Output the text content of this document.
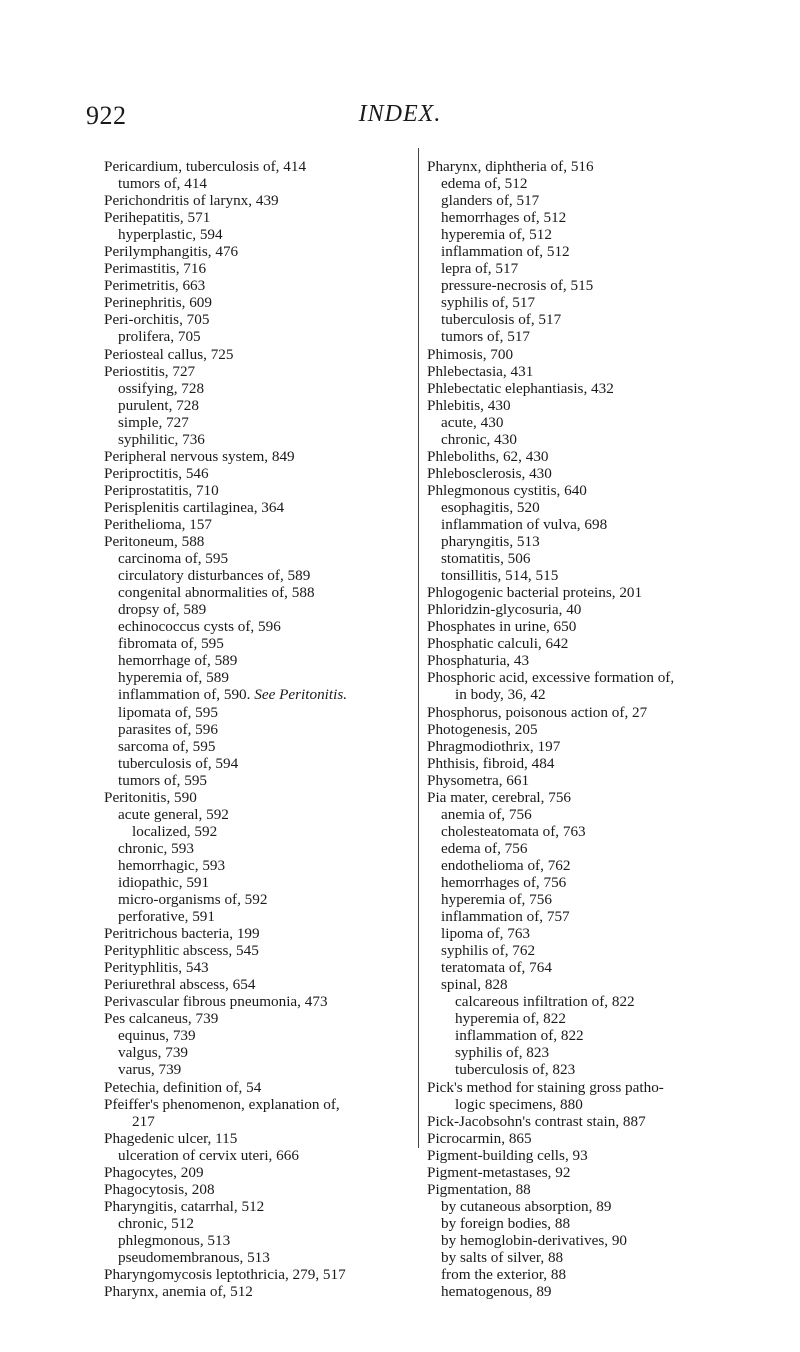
922	INDEX.
Pericardium, tuberculosis of, 414
tumors of, 414
Perichondritis of larynx, 439
Perihepatitis, 571
hyperplastic, 594
Perilymphangitis, 476
Perimastitis, 716
Perimetritis, 663
Perinephritis, 609
Peri-orchitis, 705
prolifera, 705
Periosteal callus, 725
Periostitis, 727
ossifying, 728
purulent, 728
simple, 727
syphilitic, 736
Peripheral nervous system, 849
Periproctitis, 546
Periprostatitis, 710
Perisplenitis cartilaginea, 364
Perithelioma, 157
Peritoneum, 588
carcinoma of, 595
circulatory disturbances of, 589
congenital abnormalities of, 588
dropsy of, 589
echinococcus cysts of, 596
fibromata of, 595
hemorrhage of, 589
hyperemia of, 589
inflammation of, 590. See Peritonitis.
lipomata of, 595
parasites of, 596
sarcoma of, 595
tuberculosis of, 594
tumors of, 595
Peritonitis, 590
acute general, 592
localized, 592
chronic, 593
hemorrhagic, 593
idiopathic, 591
micro-organisms of, 592
perforative, 591
Peritrichous bacteria, 199
Perityphlitic abscess, 545
Perityphlitis, 543
Periurethral abscess, 654
Perivascular fibrous pneumonia, 473
Pes calcaneus, 739
equinus, 739
valgus, 739
varus, 739
Petechia, definition of, 54
Pfeiffer's phenomenon, explanation of,
217
Phagedenic ulcer, 115
ulceration of cervix uteri, 666
Phagocytes, 209
Phagocytosis, 208
Pharyngitis, catarrhal, 512
chronic, 512
phlegmonous, 513
pseudomembranous, 513
Pharyngomycosis leptothricia, 279, 517
Pharynx, anemia of, 512
Pharynx, diphtheria of, 516
edema of, 512
glanders of, 517
hemorrhages of, 512
hyperemia of, 512
inflammation of, 512
lepra of, 517
pressure-necrosis of, 515
syphilis of, 517
tuberculosis of, 517
tumors of, 517
Phimosis, 700
Phlebectasia, 431
Phlebectatic elephantiasis, 432
Phlebitis, 430
acute, 430
chronic, 430
Phleboliths, 62, 430
Phlebosclerosis, 430
Phlegmonous cystitis, 640
esophagitis, 520
inflammation of vulva, 698
pharyngitis, 513
stomatitis, 506
tonsillitis, 514, 515
Phlogogenic bacterial proteins, 201
Phloridzin-glycosuria, 40
Phosphates in urine, 650
Phosphatic calculi, 642
Phosphaturia, 43
Phosphoric acid, excessive formation of,
in body, 36, 42
Phosphorus, poisonous action of, 27
Photogenesis, 205
Phragmodiothrix, 197
Phthisis, fibroid, 484
Physometra, 661
Pia mater, cerebral, 756
anemia of, 756
cholesteatomata of, 763
edema of, 756
endothelioma of, 762
hemorrhages of, 756
hyperemia of, 756
inflammation of, 757
lipoma of, 763
syphilis of, 762
teratomata of, 764
spinal, 828
calcareous infiltration of, 822
hyperemia of, 822
inflammation of, 822
syphilis of, 823
tuberculosis of, 823
Pick's method for staining gross patho-
logic specimens, 880
Pick-Jacobsohn's contrast stain, 887
Picrocarmin, 865
Pigment-building cells, 93
Pigment-metastases, 92
Pigmentation, 88
by cutaneous absorption, 89
by foreign bodies, 88
by hemoglobin-derivatives, 90
by salts of silver, 88
from the exterior, 88
hematogenous, 89
